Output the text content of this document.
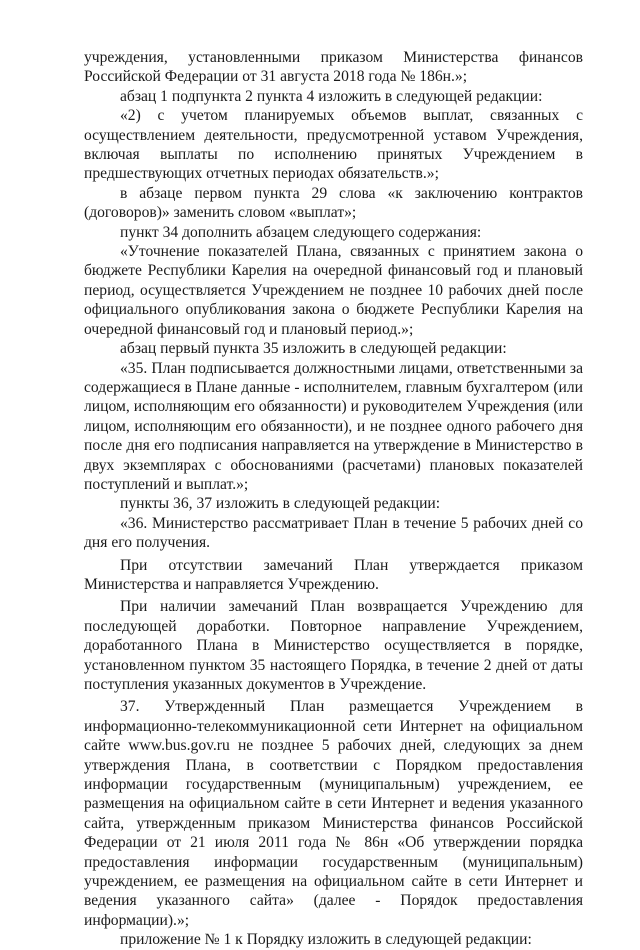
учреждения, установленными приказом Министерства финансов Российской Федерации от 31 августа 2018 года № 186н.»;

абзац 1 подпункта 2 пункта 4 изложить в следующей редакции:

«2) с учетом планируемых объемов выплат, связанных с осуществлением деятельности, предусмотренной уставом Учреждения, включая выплаты по исполнению принятых Учреждением в предшествующих отчетных периодах обязательств.»;

в абзаце первом пункта 29 слова «к заключению контрактов (договоров)» заменить словом «выплат»;

пункт 34 дополнить абзацем следующего содержания:

«Уточнение показателей Плана, связанных с принятием закона о бюджете Республики Карелия на очередной финансовый год и плановый период, осуществляется Учреждением не позднее 10 рабочих дней после официального опубликования закона о бюджете Республики Карелия на очередной финансовый год и плановый период.»;

абзац первый пункта 35 изложить в следующей редакции:

«35. План подписывается должностными лицами, ответственными за содержащиеся в Плане данные - исполнителем, главным бухгалтером (или лицом, исполняющим его обязанности) и руководителем Учреждения (или лицом, исполняющим его обязанности), и не позднее одного рабочего дня после дня его подписания направляется на утверждение в Министерство в двух экземплярах с обоснованиями (расчетами) плановых показателей поступлений и выплат.»;

пункты 36, 37 изложить в следующей редакции:

«36. Министерство рассматривает План в течение 5 рабочих дней со дня его получения.

При отсутствии замечаний План утверждается приказом Министерства и направляется Учреждению.

При наличии замечаний План возвращается Учреждению для последующей доработки. Повторное направление Учреждением, доработанного Плана в Министерство осуществляется в порядке, установленном пунктом 35 настоящего Порядка, в течение 2 дней от даты поступления указанных документов в Учреждение.

37. Утвержденный План размещается Учреждением в информационно-телекоммуникационной сети Интернет на официальном сайте www.bus.gov.ru не позднее 5 рабочих дней, следующих за днем утверждения Плана, в соответствии с Порядком предоставления информации государственным (муниципальным) учреждением, ее размещения на официальном сайте в сети Интернет и ведения указанного сайта, утвержденным приказом Министерства финансов Российской Федерации от 21 июля 2011 года № 86н «Об утверждении порядка предоставления информации государственным (муниципальным) учреждением, ее размещения на официальном сайте в сети Интернет и ведения указанного сайта» (далее - Порядок предоставления информации).»;

приложение № 1 к Порядку изложить в следующей редакции:
